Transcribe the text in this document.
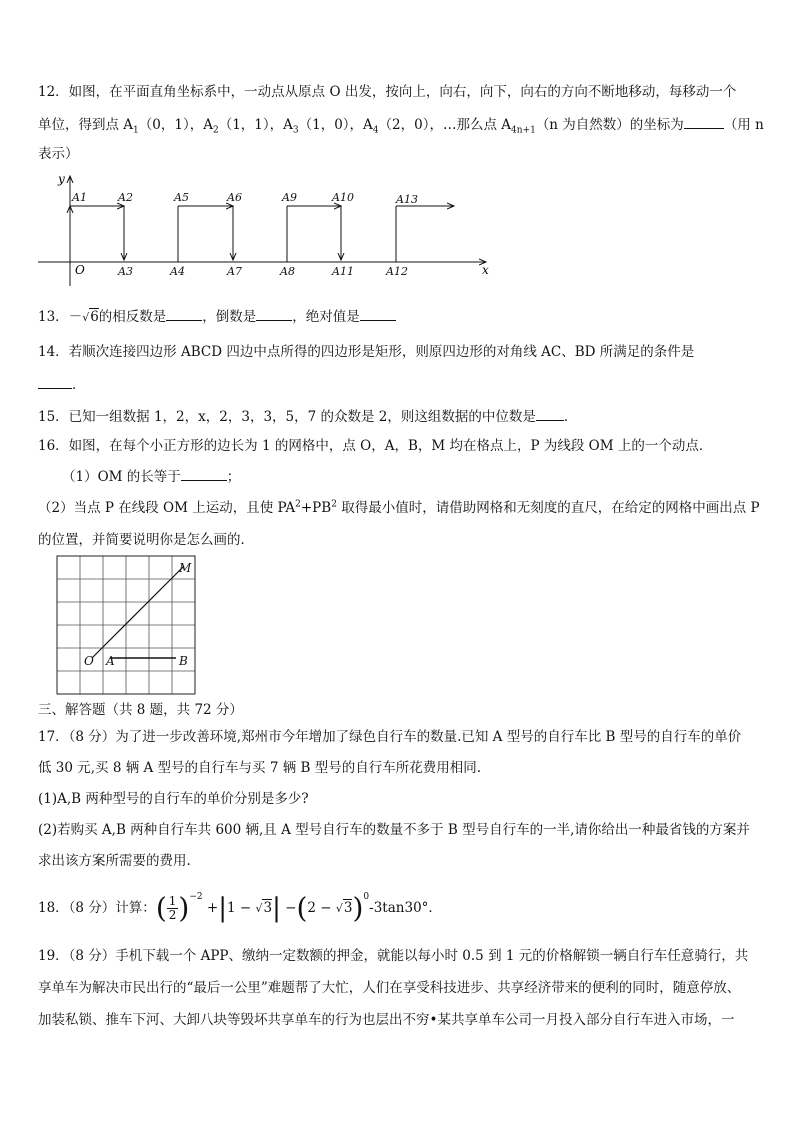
12．如图，在平面直角坐标系中，一动点从原点 O 出发，按向上，向右，向下，向右的方向不断地移动，每移动一个
单位，得到点 $A_1(0$，1），$A_2(1$，1），$A_3(1$，0），$A_4(2$，0），…那么点 $A_{4n+1}(n$ 为自然数）的坐标为	（用 n
表示）
y
x
O
A1	A2	A5	A6	A9	A10	A13
A3	A4	A7	A8	A11	A12
13．－√6的相反数是	，倒数是	，绝对值是
14．若顺次连接四边形 ABCD 四边中点所得的四边形是矩形，则原四边形的对角线 AC、BD 所满足的条件是
．
15．已知一组数据 1，2，x，2，3，3，5，7 的众数是 2，则这组数据的中位数是 ．
16．如图，在每个小正方形的边长为 1 的网格中，点 O，A，B，M 均在格点上，P 为线段 OM 上的一个动点．
（1）OM 的长等于	；
（2）当点 P 在线段 OM 上运动，且使 $PA^2+PB^2$ 取得最小值时，请借助网格和无刻度的直尺，在给定的网格中画出点 P
的位置，并简要说明你是怎么画的．
O A	B
M
三、解答题（共 8 题，共 72 分）
17．（8 分）为了进一步改善环境,郑州市今年增加了绿色自行车的数量.已知 A 型号的自行车比 B 型号的自行车的单价
低 30 元,买 8 辆 A 型号的自行车与买 7 辆 B 型号的自行车所花费用相同.
(1)A,B 两种型号的自行车的单价分别是多少?
(2)若购买 A,B 两种自行车共 600 辆,且 A 型号自行车的数量不多于 B 型号自行车的一半,请你给出一种最省钱的方案并
求出该方案所需要的费用.
18．（8 分）计算：( $\frac{1}{2} )^{-2} +|1 - √3| -(2 - √3)^0-3\tan 30^\circ$．
19．（8 分）手机下载一个 APP、缴纳一定数额的押金，就能以每小时 0.5 到 1 元的价格解锁一辆自行车任意骑行，共
享单车为解决市民出行的“最后一公里”难题帮了大忙，人们在享受科技进步、共享经济带来的便利的同时，随意停放、
加装私锁、推车下河、大卸八块等毁坏共享单车的行为也层出不穷•某共享单车公司一月投入部分自行车进入市场，一
